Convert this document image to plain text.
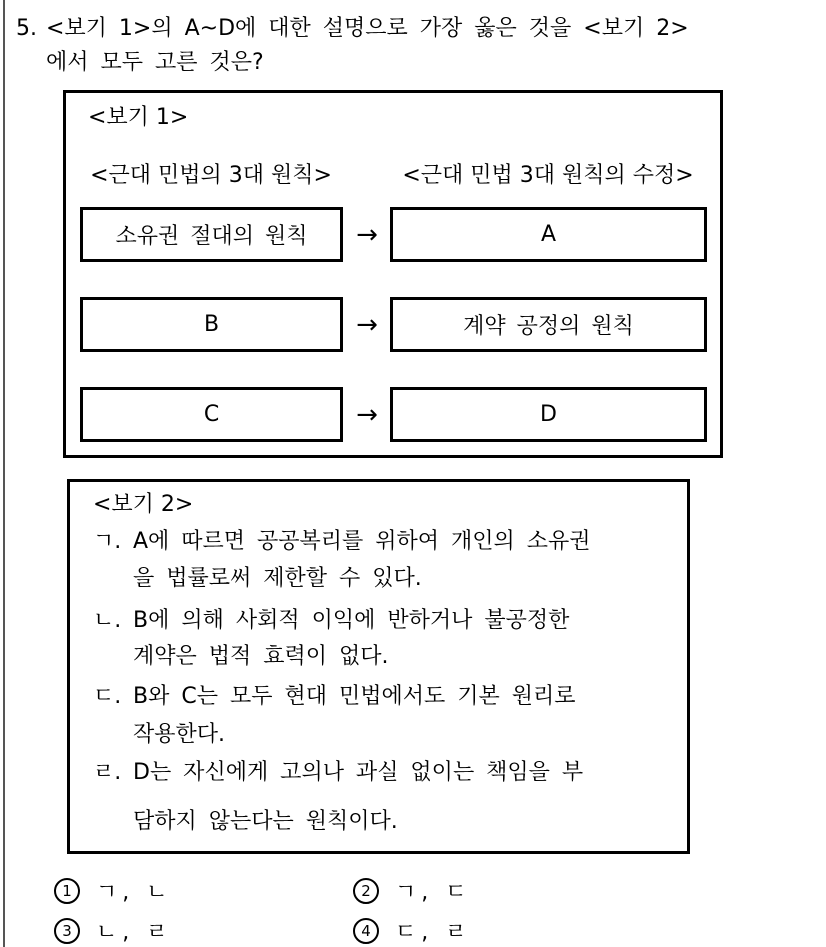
5. <보기 1>의 A~D에 대한 설명으로 가장 옳은 것을 <보기 2>
에서 모두 고른 것은?
<보기 1>
<근대 민법의 3대 원칙>	<근대 민법 3대 원칙의 수정>
소유권 절대의 원칙	→	A
B	→	계약 공정의 원칙
C	→	D
<보기 2>
ㄱ. A에 따르면 공공복리를 위하여 개인의 소유권
을 법률로써 제한할 수 있다.
ㄴ. B에 의해 사회적 이익에 반하거나 불공정한
계약은 법적 효력이 없다.
ㄷ. B와 C는 모두 현대 민법에서도 기본 원리로
작용한다.
ㄹ. D는 자신에게 고의나 과실 없이는 책임을 부
담하지 않는다는 원칙이다.
1	ㄱ, ㄴ	2	ㄱ, ㄷ
3	ㄴ, ㄹ	4	ㄷ, ㄹ
